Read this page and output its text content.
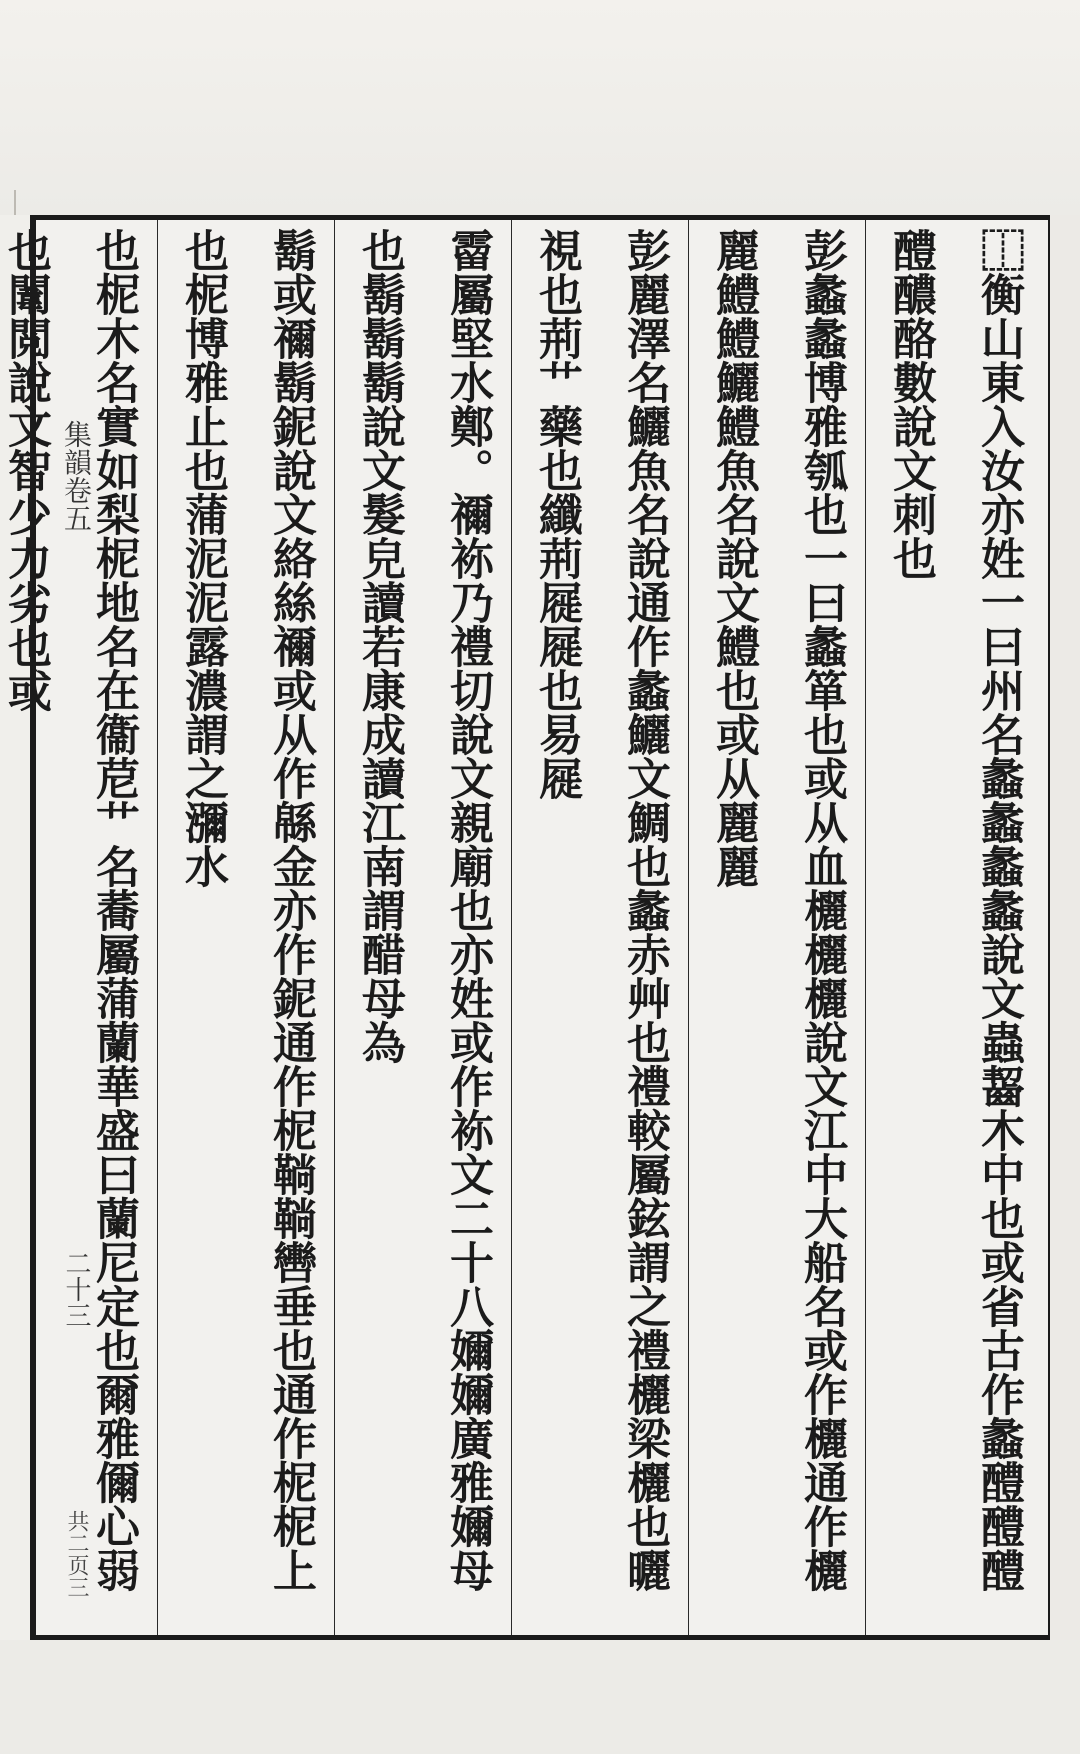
集韻卷五
二十三
共二页三	⿰衡山東入汝亦姓一曰州名蠡蠡蠡蠡說文蟲齧木中也或省古作蠡醴醴醴醴醲酪數說文刺也
彭蠡蠡博雅瓠也一曰蠡箪也或从血欐欐欐說文江中大船名或作欐通作欐麗鱧鱧鱺鱧魚名說文鱧也或从麗麗
彭麗澤名鱺魚名說通作蠡鱺文鯛也蠡赤艸也禮較屬鉉謂之禮欐梁欐也曬視也荊艹藥也纖荊屣屣也易屣
霤屬堅水鄭。禰袮乃禮切說文親廟也亦姓或作袮文二十八嬭嬭廣雅嬭母也鬍鬍鬍說文髮皃讀若康成讀江南謂醋母為
鬍或禰鬍鈮說文絡絲禰或从作緜金亦作鈮通作柅鞝鞝轡垂也通作柅柅上也柅博雅止也蒲泥泥露濃謂之瀰水
也柅木名實如梨柅地名在衞苨艹名蕎屬蒲蘭華盛曰蘭尼定也爾雅儞心弱也闈閲說文智少力劣也或
